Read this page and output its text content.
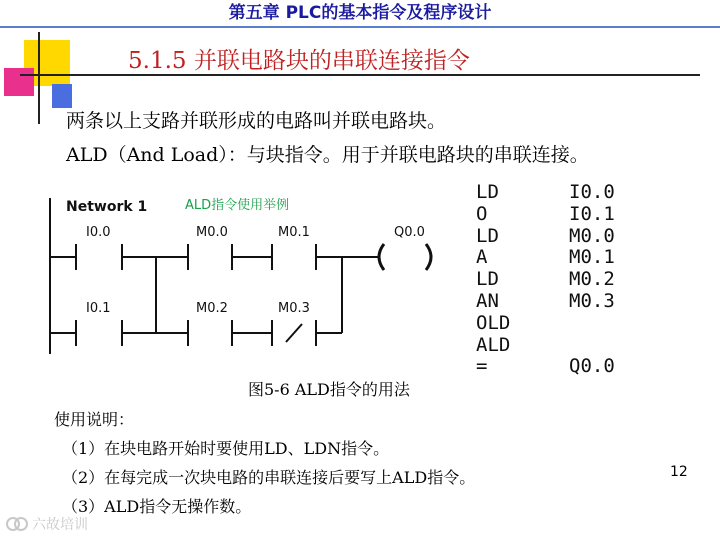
第五章 PLC的基本指令及程序设计
5.1.5 并联电路块的串联连接指令
两条以上支路并联形成的电路叫并联电路块。
ALD（And Load）：与块指令。用于并联电路块的串联连接。
Network 1	ALD指令使用举例
I0.0	M0.0	M0.1
I0.1	M0.2	M0.3
Q0.0
LD	I0.0
O	I0.1
LD	M0.0
A	M0.1
LD	M0.2
AN	M0.3
OLD
ALD
=	Q0.0
图5-6 ALD指令的用法
使用说明：
（1）在块电路开始时要使用LD、LDN指令。
（2）在每完成一次块电路的串联连接后要写上ALD指令。
（3）ALD指令无操作数。
12
六故培训
